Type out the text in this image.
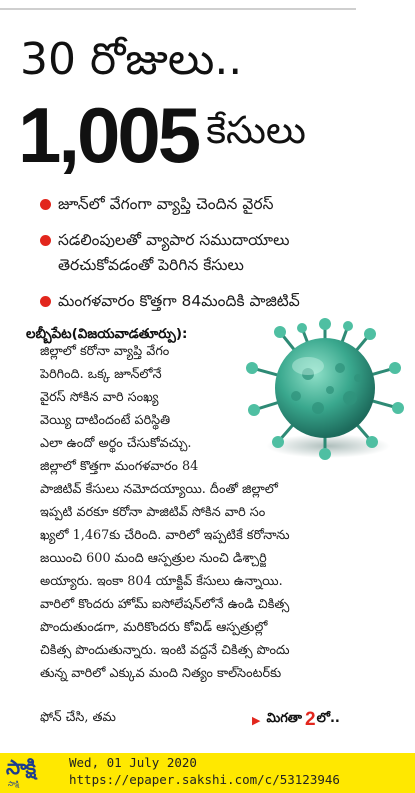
30 రోజులు..
1,005 కేసులు
జూన్‌లో వేగంగా వ్యాప్తి చెందిన వైరస్
సడలింపులతో వ్యాపార సముదాయాలు
తెరచుకోవడంతో పెరిగిన కేసులు
మంగళవారం కొత్తగా 84మందికి పాజిటివ్
లబ్బీపేట(విజయవాడతూర్పు):
జిల్లాలో కరోనా వ్యాప్తి వేగం
పెరిగింది. ఒక్క జూన్‌లోనే
వైరస్ సోకిన వారి సంఖ్య
వెయ్యి దాటిందంటే పరిస్థితి
ఎలా ఉందో అర్థం చేసుకోవచ్చు.
జిల్లాలో కొత్తగా మంగళవారం 84
పాజిటివ్ కేసులు నమోదయ్యాయి. దీంతో జిల్లాలో
ఇప్పటి వరకూ కరోనా పాజిటివ్ సోకిన వారి సం
ఖ్యలో 1,467కు చేరింది. వారిలో ఇప్పటికే కరోనాను
జయించి 600 మంది ఆస్పత్రుల నుంచి డిశ్చార్జి
అయ్యారు. ఇంకా 804 యాక్టివ్ కేసులు ఉన్నాయి.
వారిలో కొందరు హోమ్ ఐసోలేషన్‌లోనే ఉండి చికిత్స
పొందుతుండగా, మరికొందరు కోవిడ్ ఆస్పత్రుల్లో
చికిత్స పొందుతున్నారు. ఇంటి వద్దనే చికిత్స పొందు
తున్న వారిలో ఎక్కువ మంది నిత్యం కాల్‌సెంటర్‌కు
ఫోన్ చేసి, తమ	▶ మిగతా 2 లో..
సాక్షి
సాక్షి
Wed, 01 July 2020
https://epaper.sakshi.com/c/53123946
